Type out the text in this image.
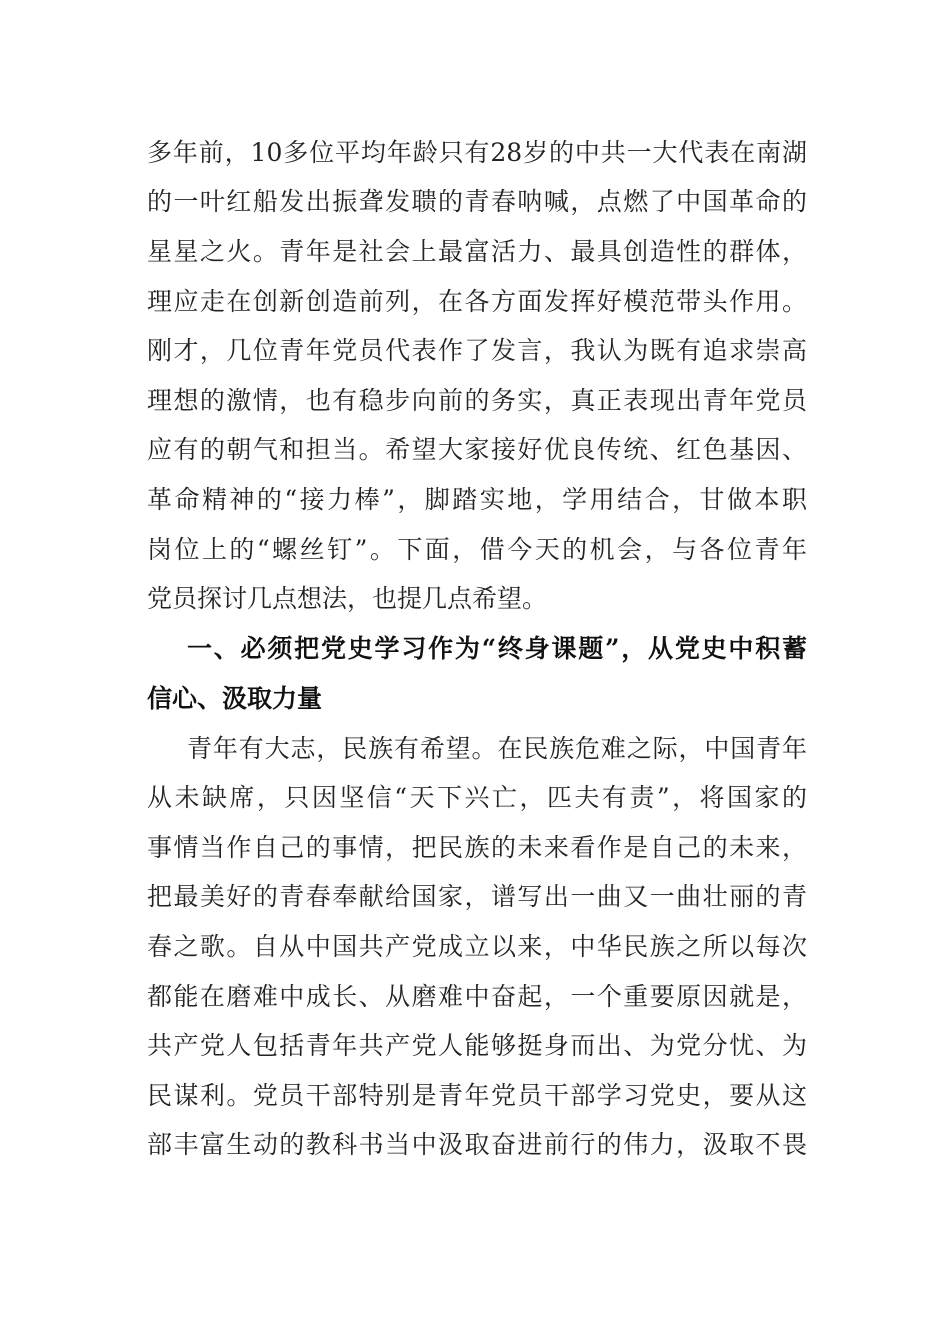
多年前，10多位平均年龄只有28岁的中共一大代表在南湖
的一叶红船发出振聋发聩的青春呐喊，点燃了中国革命的
星星之火。青年是社会上最富活力、最具创造性的群体，
理应走在创新创造前列，在各方面发挥好模范带头作用。
刚才，几位青年党员代表作了发言，我认为既有追求崇高
理想的激情，也有稳步向前的务实，真正表现出青年党员
应有的朝气和担当。希望大家接好优良传统、红色基因、
革命精神的“接力棒”，脚踏实地，学用结合，甘做本职
岗位上的“螺丝钉”。下面，借今天的机会，与各位青年
党员探讨几点想法，也提几点希望。
一、必须把党史学习作为“终身课题”，从党史中积蓄
信心、汲取力量
青年有大志，民族有希望。在民族危难之际，中国青年
从未缺席，只因坚信“天下兴亡，匹夫有责”，将国家的
事情当作自己的事情，把民族的未来看作是自己的未来，
把最美好的青春奉献给国家，谱写出一曲又一曲壮丽的青
春之歌。自从中国共产党成立以来，中华民族之所以每次
都能在磨难中成长、从磨难中奋起，一个重要原因就是，
共产党人包括青年共产党人能够挺身而出、为党分忧、为
民谋利。党员干部特别是青年党员干部学习党史，要从这
部丰富生动的教科书当中汲取奋进前行的伟力，汲取不畏
